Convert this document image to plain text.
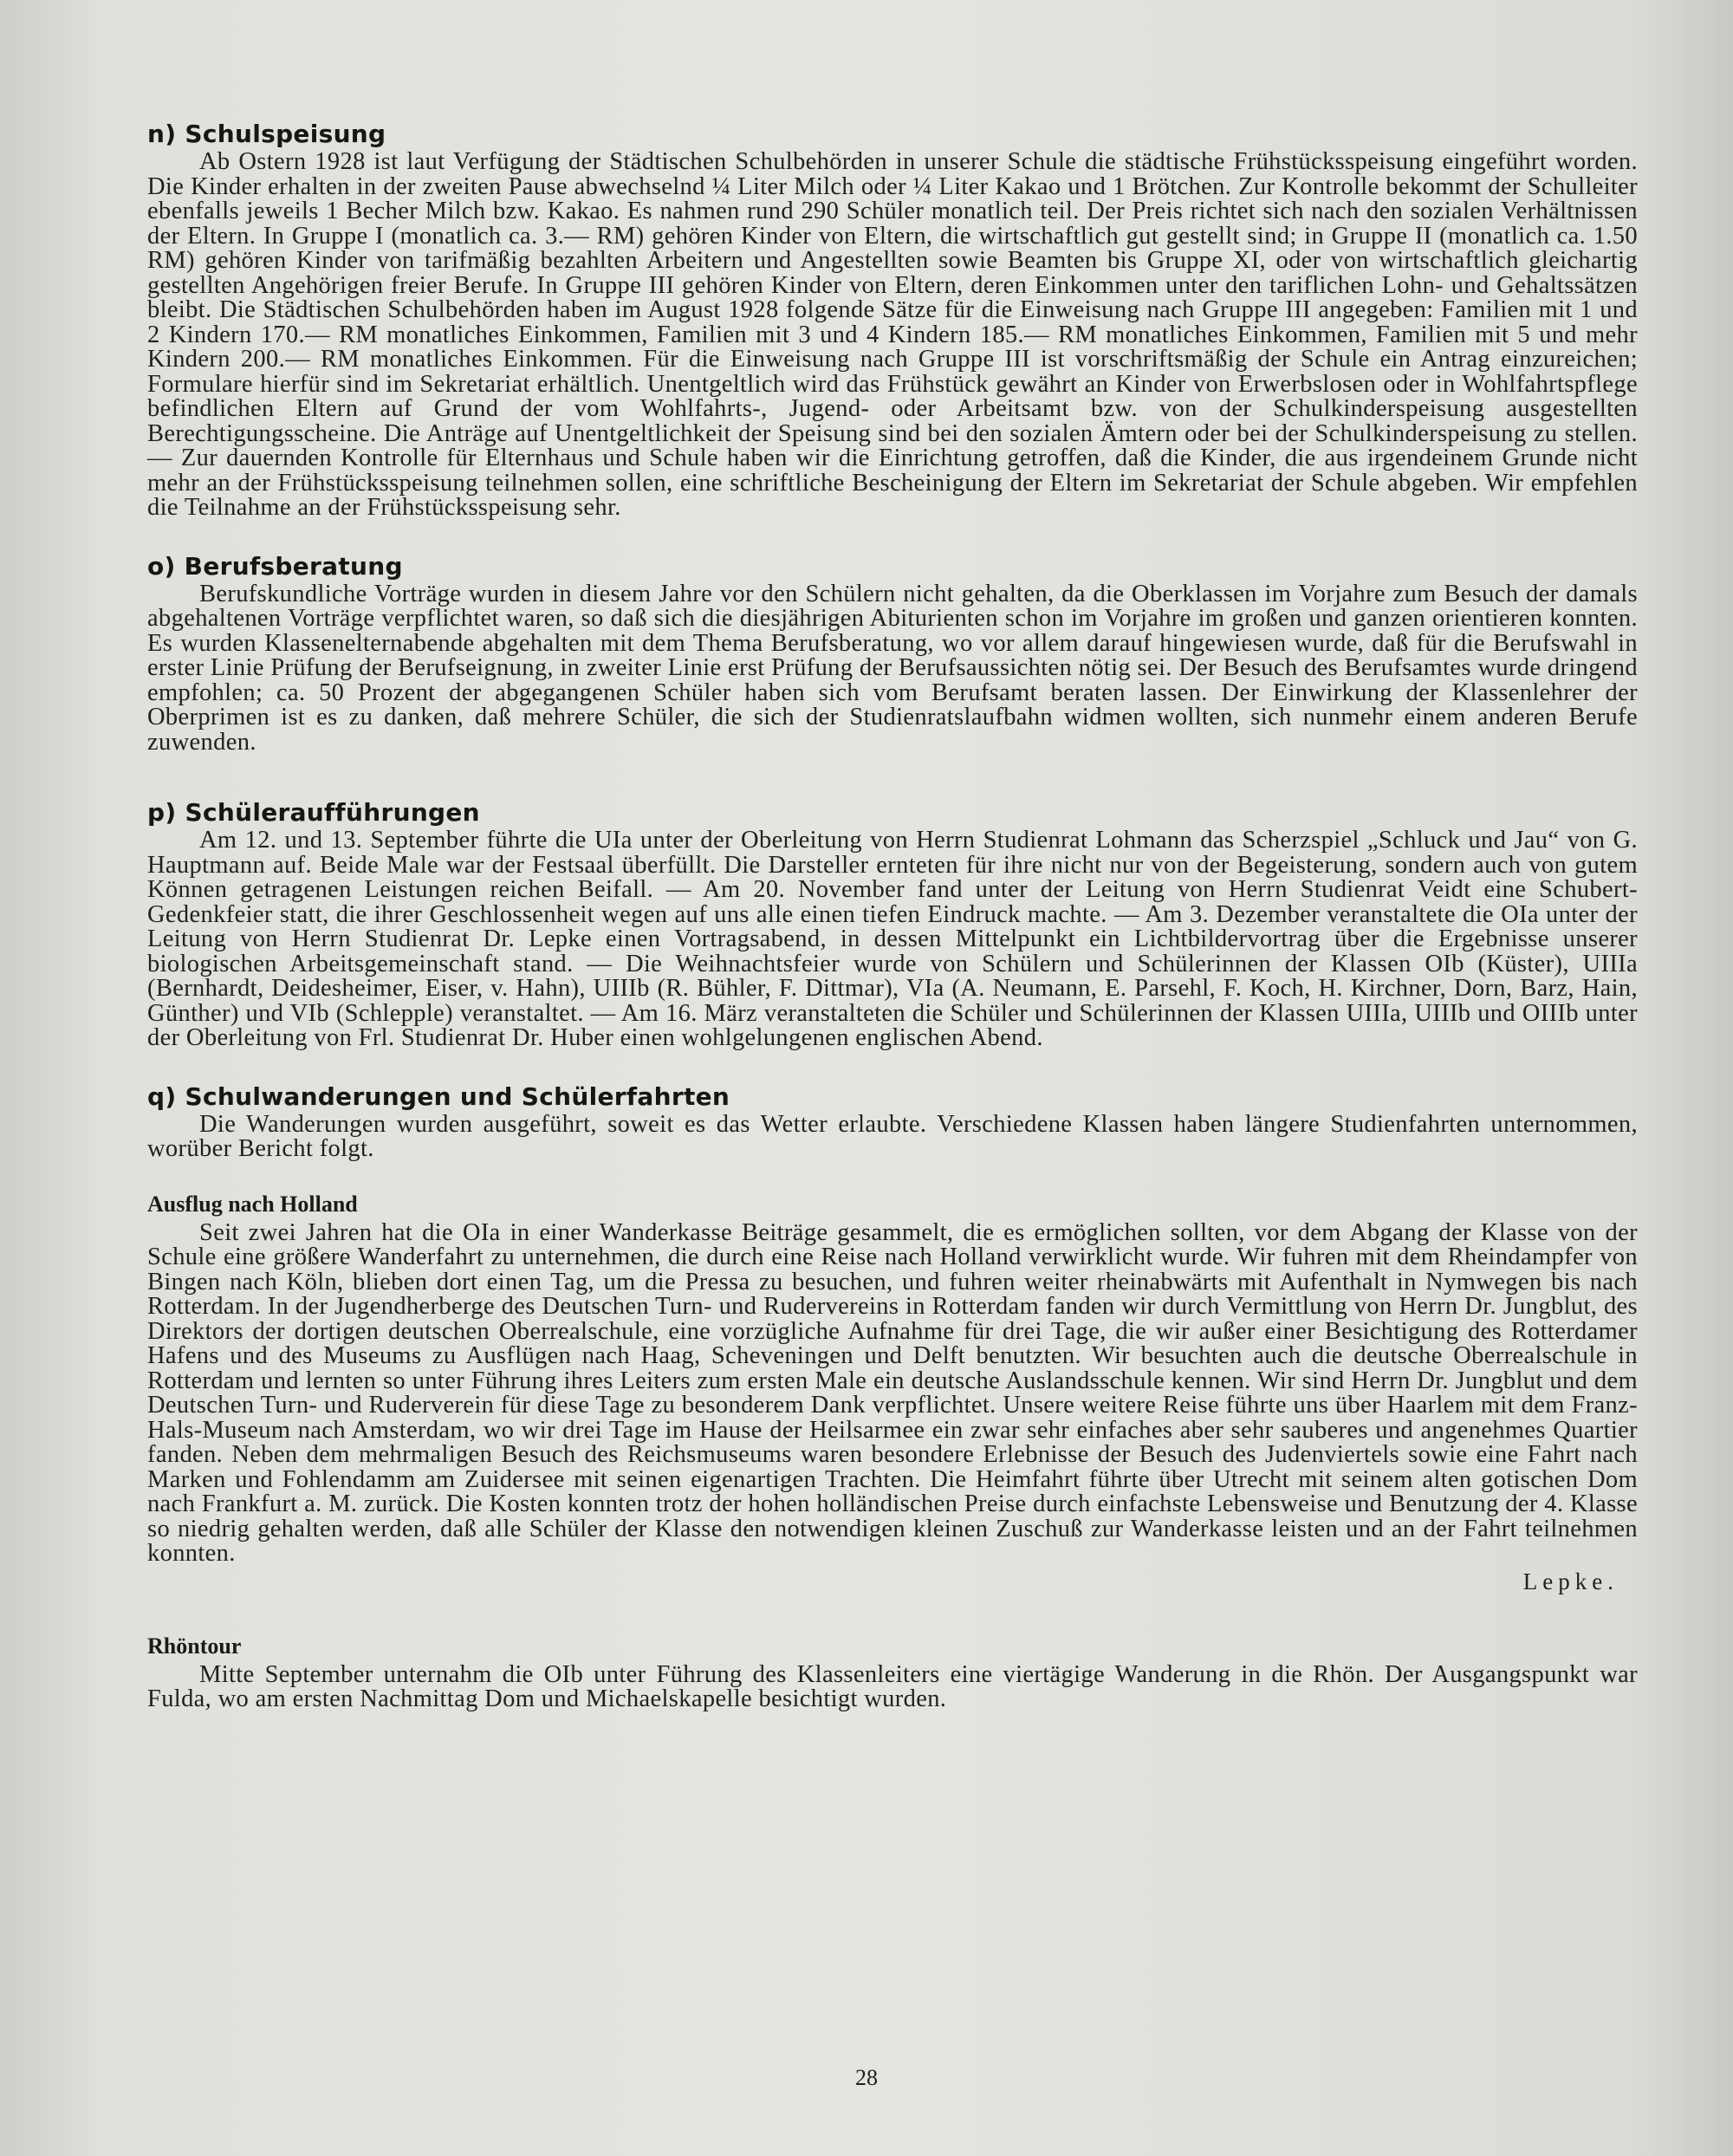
n) Schulspeisung

Ab Ostern 1928 ist laut Verfügung der Städtischen Schulbehörden in unserer Schule die städtische Frühstücksspeisung eingeführt worden. Die Kinder erhalten in der zweiten Pause abwechselnd ¼ Liter Milch oder ¼ Liter Kakao und 1 Brötchen. Zur Kontrolle bekommt der Schulleiter ebenfalls jeweils 1 Becher Milch bzw. Kakao. Es nahmen rund 290 Schüler monatlich teil. Der Preis richtet sich nach den sozialen Verhältnissen der Eltern. In Gruppe I (monatlich ca. 3.— RM) gehören Kinder von Eltern, die wirtschaftlich gut gestellt sind; in Gruppe II (monatlich ca. 1.50 RM) gehören Kinder von tarifmäßig bezahlten Arbeitern und Angestellten sowie Beamten bis Gruppe XI, oder von wirtschaftlich gleichartig gestellten Angehörigen freier Berufe. In Gruppe III gehören Kinder von Eltern, deren Einkommen unter den tariflichen Lohn- und Gehaltssätzen bleibt. Die Städtischen Schulbehörden haben im August 1928 folgende Sätze für die Einweisung nach Gruppe III angegeben: Familien mit 1 und 2 Kindern 170.— RM monatliches Einkommen, Familien mit 3 und 4 Kindern 185.— RM monatliches Einkommen, Familien mit 5 und mehr Kindern 200.— RM monatliches Einkommen. Für die Einweisung nach Gruppe III ist vorschriftsmäßig der Schule ein Antrag einzureichen; Formulare hierfür sind im Sekretariat erhältlich. Unentgeltlich wird das Frühstück gewährt an Kinder von Erwerbslosen oder in Wohlfahrtspflege befindlichen Eltern auf Grund der vom Wohlfahrts-, Jugend- oder Arbeitsamt bzw. von der Schulkinderspeisung ausgestellten Berechtigungsscheine. Die Anträge auf Unentgeltlichkeit der Speisung sind bei den sozialen Ämtern oder bei der Schulkinderspeisung zu stellen. — Zur dauernden Kontrolle für Elternhaus und Schule haben wir die Einrichtung getroffen, daß die Kinder, die aus irgendeinem Grunde nicht mehr an der Frühstücksspeisung teilnehmen sollen, eine schriftliche Bescheinigung der Eltern im Sekretariat der Schule abgeben. Wir empfehlen die Teilnahme an der Frühstücksspeisung sehr.

o) Berufsberatung

Berufskundliche Vorträge wurden in diesem Jahre vor den Schülern nicht gehalten, da die Oberklassen im Vorjahre zum Besuch der damals abgehaltenen Vorträge verpflichtet waren, so daß sich die diesjährigen Abiturienten schon im Vorjahre im großen und ganzen orientieren konnten. Es wurden Klassenelternabende abgehalten mit dem Thema Berufsberatung, wo vor allem darauf hingewiesen wurde, daß für die Berufswahl in erster Linie Prüfung der Berufseignung, in zweiter Linie erst Prüfung der Berufsaussichten nötig sei. Der Besuch des Berufsamtes wurde dringend empfohlen; ca. 50 Prozent der abgegangenen Schüler haben sich vom Berufsamt beraten lassen. Der Einwirkung der Klassenlehrer der Oberprimen ist es zu danken, daß mehrere Schüler, die sich der Studienratslaufbahn widmen wollten, sich nunmehr einem anderen Berufe zuwenden.

p) Schüleraufführungen

Am 12. und 13. September führte die UIa unter der Oberleitung von Herrn Studienrat Lohmann das Scherzspiel „Schluck und Jau“ von G. Hauptmann auf. Beide Male war der Festsaal überfüllt. Die Darsteller ernteten für ihre nicht nur von der Begeisterung, sondern auch von gutem Können getragenen Leistungen reichen Beifall. — Am 20. November fand unter der Leitung von Herrn Studienrat Veidt eine Schubert-Gedenkfeier statt, die ihrer Geschlossenheit wegen auf uns alle einen tiefen Eindruck machte. — Am 3. Dezember veranstaltete die OIa unter der Leitung von Herrn Studienrat Dr. Lepke einen Vortragsabend, in dessen Mittelpunkt ein Lichtbildervortrag über die Ergebnisse unserer biologischen Arbeitsgemeinschaft stand. — Die Weihnachtsfeier wurde von Schülern und Schülerinnen der Klassen OIb (Küster), UIIIa (Bernhardt, Deidesheimer, Eiser, v. Hahn), UIIIb (R. Bühler, F. Dittmar), VIa (A. Neumann, E. Parsehl, F. Koch, H. Kirchner, Dorn, Barz, Hain, Günther) und VIb (Schlepple) veranstaltet. — Am 16. März veranstalteten die Schüler und Schülerinnen der Klassen UIIIa, UIIIb und OIIIb unter der Oberleitung von Frl. Studienrat Dr. Huber einen wohlgelungenen englischen Abend.

q) Schulwanderungen und Schülerfahrten

Die Wanderungen wurden ausgeführt, soweit es das Wetter erlaubte. Verschiedene Klassen haben längere Studienfahrten unternommen, worüber Bericht folgt.

Ausflug nach Holland

Seit zwei Jahren hat die OIa in einer Wanderkasse Beiträge gesammelt, die es ermöglichen sollten, vor dem Abgang der Klasse von der Schule eine größere Wanderfahrt zu unternehmen, die durch eine Reise nach Holland verwirklicht wurde. Wir fuhren mit dem Rheindampfer von Bingen nach Köln, blieben dort einen Tag, um die Pressa zu besuchen, und fuhren weiter rheinabwärts mit Aufenthalt in Nymwegen bis nach Rotterdam. In der Jugendherberge des Deutschen Turn- und Rudervereins in Rotterdam fanden wir durch Vermittlung von Herrn Dr. Jungblut, des Direktors der dortigen deutschen Oberrealschule, eine vorzügliche Aufnahme für drei Tage, die wir außer einer Besichtigung des Rotterdamer Hafens und des Museums zu Ausflügen nach Haag, Scheveningen und Delft benutzten. Wir besuchten auch die deutsche Oberrealschule in Rotterdam und lernten so unter Führung ihres Leiters zum ersten Male ein deutsche Auslandsschule kennen. Wir sind Herrn Dr. Jungblut und dem Deutschen Turn- und Ruderverein für diese Tage zu besonderem Dank verpflichtet. Unsere weitere Reise führte uns über Haarlem mit dem Franz-Hals-Museum nach Amsterdam, wo wir drei Tage im Hause der Heilsarmee ein zwar sehr einfaches aber sehr sauberes und angenehmes Quartier fanden. Neben dem mehrmaligen Besuch des Reichsmuseums waren besondere Erlebnisse der Besuch des Judenviertels sowie eine Fahrt nach Marken und Fohlendamm am Zuidersee mit seinen eigenartigen Trachten. Die Heimfahrt führte über Utrecht mit seinem alten gotischen Dom nach Frankfurt a. M. zurück. Die Kosten konnten trotz der hohen holländischen Preise durch einfachste Lebensweise und Benutzung der 4. Klasse so niedrig gehalten werden, daß alle Schüler der Klasse den notwendigen kleinen Zuschuß zur Wanderkasse leisten und an der Fahrt teilnehmen konnten.

Lepke.

Rhöntour

Mitte September unternahm die OIb unter Führung des Klassenleiters eine viertägige Wanderung in die Rhön. Der Ausgangspunkt war Fulda, wo am ersten Nachmittag Dom und Michaelskapelle besichtigt wurden.

28
